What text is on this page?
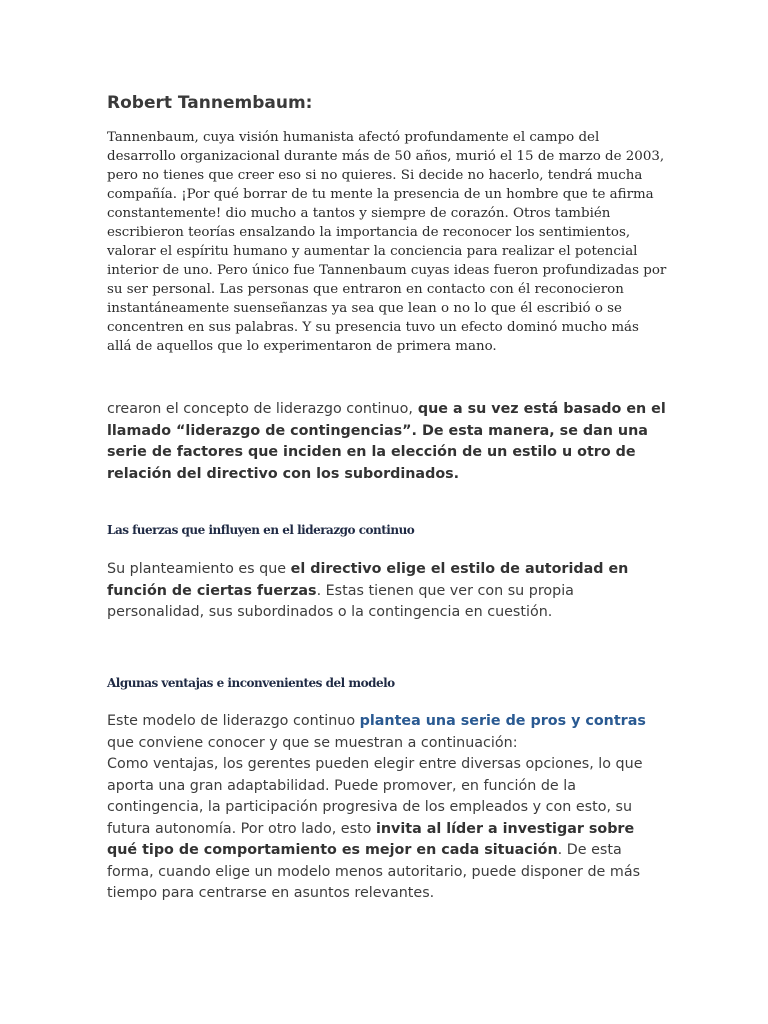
Robert Tannembaum:

Tannenbaum, cuya visión humanista afectó profundamente el campo del desarrollo organizacional durante más de 50 años, murió el 15 de marzo de 2003, pero no tienes que creer eso si no quieres. Si decide no hacerlo, tendrá mucha compañía. ¡Por qué borrar de tu mente la presencia de un hombre que te afirma constantemente! dio mucho a tantos y siempre de corazón. Otros también escribieron teorías ensalzando la importancia de reconocer los sentimientos, valorar el espíritu humano y aumentar la conciencia para realizar el potencial interior de uno. Pero único fue Tannenbaum cuyas ideas fueron profundizadas por su ser personal. Las personas que entraron en contacto con él reconocieron instantáneamente suenseñanzas ya sea que lean o no lo que él escribió o se concentren en sus palabras. Y su presencia tuvo un efecto dominó mucho más allá de aquellos que lo experimentaron de primera mano.

crearon el concepto de liderazgo continuo, que a su vez está basado en el llamado “liderazgo de contingencias”. De esta manera, se dan una serie de factores que inciden en la elección de un estilo u otro de relación del directivo con los subordinados.

Las fuerzas que influyen en el liderazgo continuo

Su planteamiento es que el directivo elige el estilo de autoridad en función de ciertas fuerzas. Estas tienen que ver con su propia personalidad, sus subordinados o la contingencia en cuestión.

Algunas ventajas e inconvenientes del modelo

Este modelo de liderazgo continuo plantea una serie de pros y contras que conviene conocer y que se muestran a continuación:
Como ventajas, los gerentes pueden elegir entre diversas opciones, lo que aporta una gran adaptabilidad. Puede promover, en función de la contingencia, la participación progresiva de los empleados y con esto, su futura autonomía. Por otro lado, esto invita al líder a investigar sobre qué tipo de comportamiento es mejor en cada situación. De esta forma, cuando elige un modelo menos autoritario, puede disponer de más tiempo para centrarse en asuntos relevantes.
